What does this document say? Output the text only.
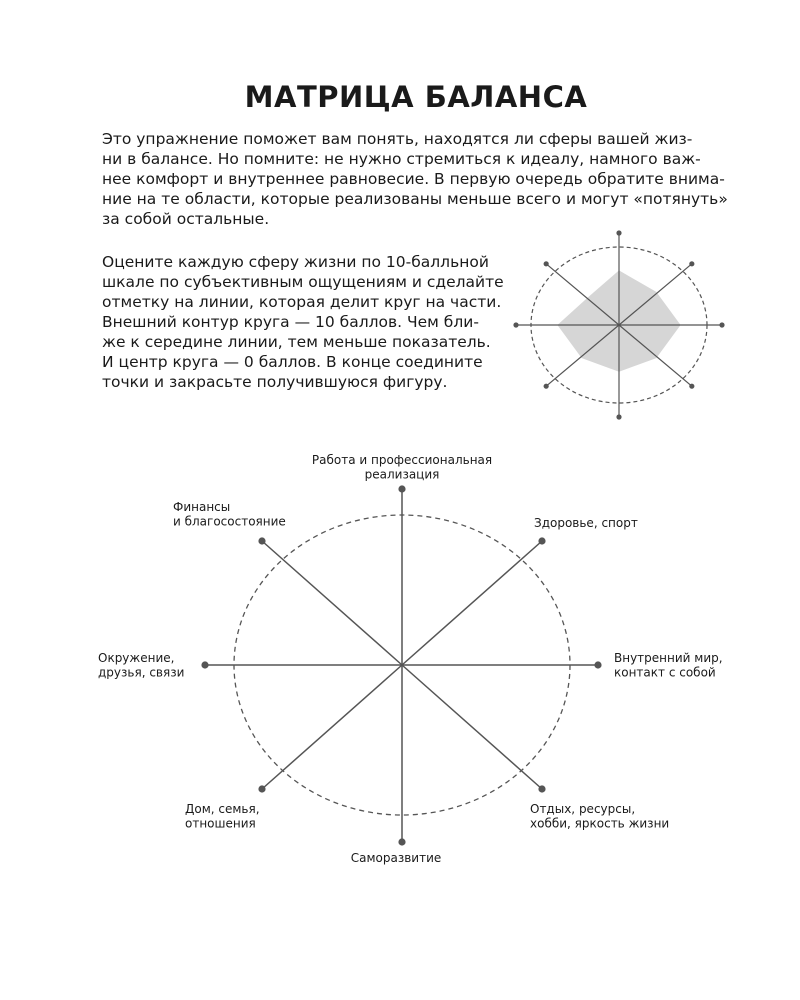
МАТРИЦА БАЛАНСА
Это упражнение поможет вам понять, находятся ли сферы вашей жиз-
ни в балансе. Но помните: не нужно стремиться к идеалу, намного важ-
нее комфорт и внутреннее равновесие. В первую очередь обратите внима-
ние на те области, которые реализованы меньше всего и могут «потянуть»
за собой остальные.
Оцените каждую сферу жизни по 10-балльной
шкале по субъективным ощущениям и сделайте
отметку на линии, которая делит круг на части.
Внешний контур круга — 10 баллов. Чем бли-
же к середине линии, тем меньше показатель.
И центр круга — 0 баллов. В конце соедините
точки и закрасьте получившуюся фигуру.
Работа и профессиональная реализация
Здоровье, спорт
Внутренний мир, контакт с собой
Отдых, ресурсы, хобби, яркость жизни
Саморазвитие
Дом, семья, отношения
Окружение, друзья, связи
Финансы и благосостояние
